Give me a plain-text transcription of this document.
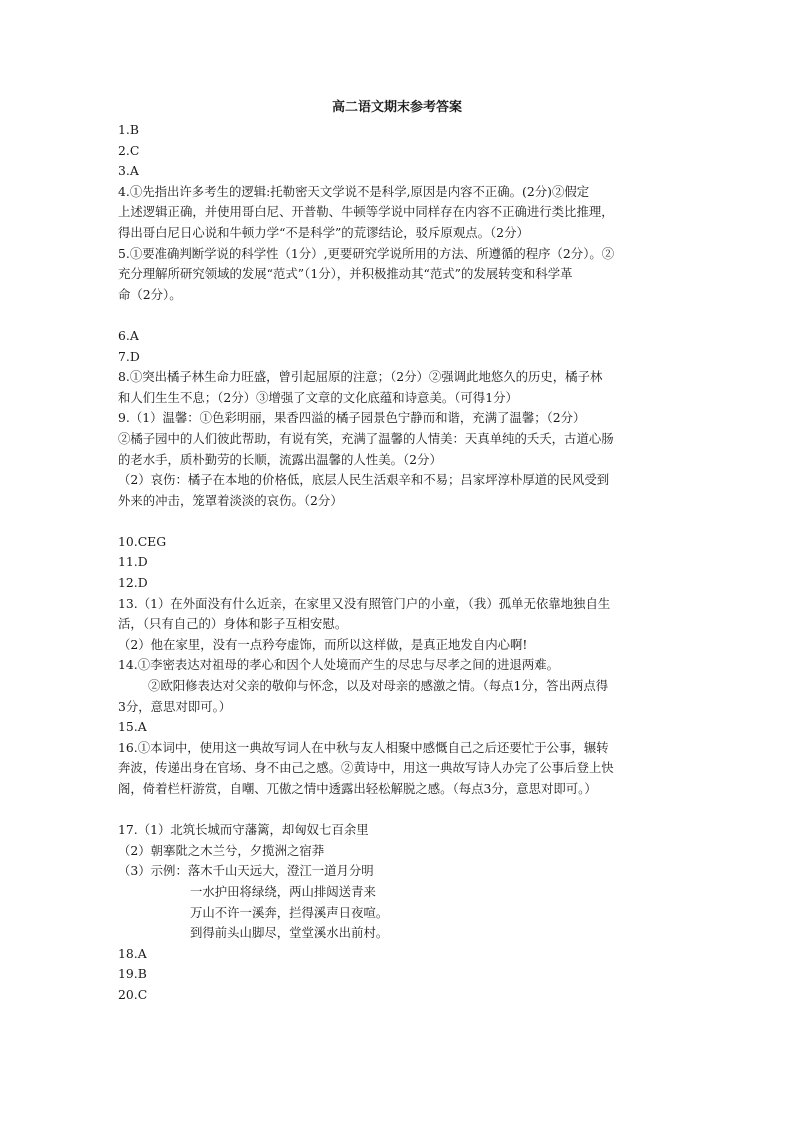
高二语文期末参考答案
1.B
2.C
3.A
4.①先指出许多考生的逻辑:托勒密天文学说不是科学,原因是内容不正确。(2分)②假定
上述逻辑正确，并使用哥白尼、开普勒、牛顿等学说中同样存在内容不正确进行类比推理，
得出哥白尼日心说和牛顿力学“不是科学”的荒谬结论，驳斥原观点。（2分）
5.①要准确判断学说的科学性（1分）,更要研究学说所用的方法、所遵循的程序（2分）。②
充分理解所研究领域的发展“范式”（1分），并积极推动其“范式”的发展转变和科学革
命（2分）。
6.A
7.D
8.①突出橘子林生命力旺盛，曾引起屈原的注意；（2分）②强调此地悠久的历史，橘子林
和人们生生不息；（2分）③增强了文章的文化底蕴和诗意美。（可得1分）
9.（1）温馨：①色彩明丽，果香四溢的橘子园景色宁静而和谐，充满了温馨；（2分）
②橘子园中的人们彼此帮助，有说有笑，充满了温馨的人情美：天真单纯的夭夭，古道心肠
的老水手，质朴勤劳的长顺，流露出温馨的人性美。（2分）
（2）哀伤：橘子在本地的价格低，底层人民生活艰辛和不易；吕家坪淳朴厚道的民风受到
外来的冲击，笼罩着淡淡的哀伤。（2分）
10.CEG
11.D
12.D
13.（1）在外面没有什么近亲，在家里又没有照管门户的小童，（我）孤单无依靠地独自生
活，（只有自己的）身体和影子互相安慰。
（2）他在家里，没有一点矜夸虚饰，而所以这样做，是真正地发自内心啊!
14.①李密表达对祖母的孝心和因个人处境而产生的尽忠与尽孝之间的进退两难。
②欧阳修表达对父亲的敬仰与怀念，以及对母亲的感激之情。（每点1分，答出两点得
3分，意思对即可。）
15.A
16.①本词中，使用这一典故写词人在中秋与友人相聚中感慨自己之后还要忙于公事，辗转
奔波，传递出身在官场、身不由己之感。②黄诗中，用这一典故写诗人办完了公事后登上快
阁，倚着栏杆游赏，自嘲、兀傲之情中透露出轻松解脱之感。（每点3分，意思对即可。）
17.（1）北筑长城而守藩篱，却匈奴七百余里
（2）朝搴阰之木兰兮，夕揽洲之宿莽
（3）示例：落木千山天远大，澄江一道月分明
一水护田将绿绕，两山排闼送青来
万山不许一溪奔，拦得溪声日夜喧。
到得前头山脚尽，堂堂溪水出前村。
18.A
19.B
20.C
